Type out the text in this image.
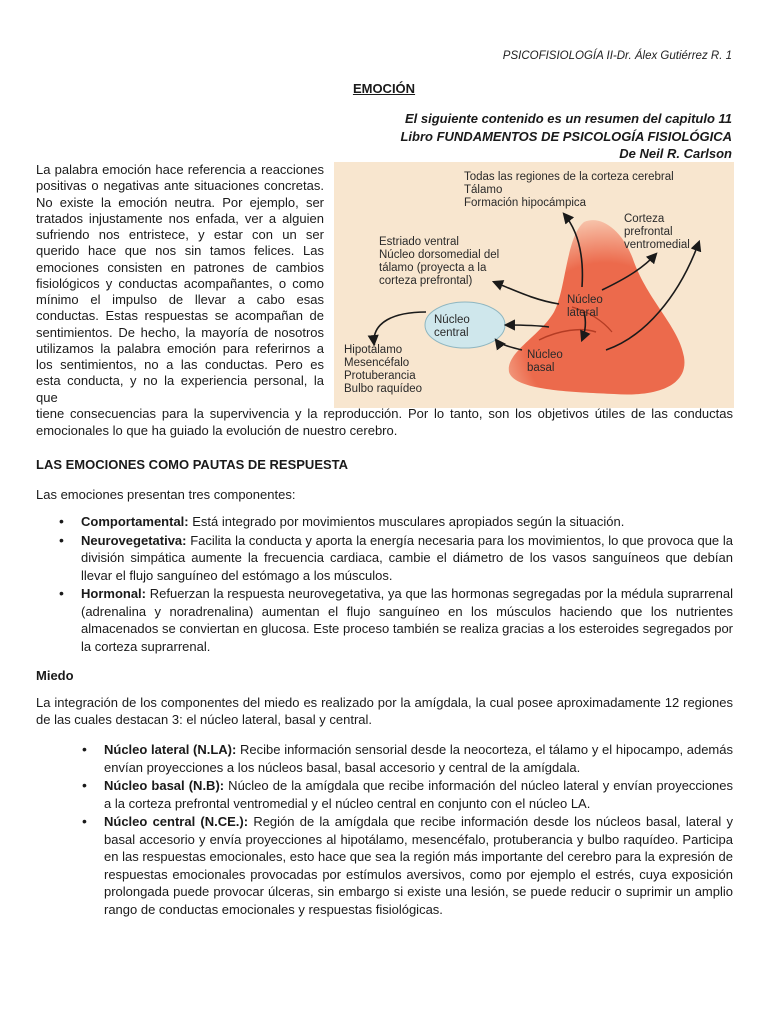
PSICOFISIOLOGÍA II-Dr. Álex Gutiérrez R. 1
EMOCIÓN
El siguiente contenido es un resumen del capitulo 11
Libro FUNDAMENTOS DE PSICOLOGÍA FISIOLÓGICA
De Neil R. Carlson
La palabra emoción hace referencia a reacciones positivas o negativas ante situaciones concretas. No existe la emoción neutra. Por ejemplo, ser tratados injustamente nos enfada, ver a alguien sufriendo nos entristece, y estar con un ser querido hace que nos sin tamos felices. Las emociones consisten en patrones de cambios fisiológicos y conductas acompañantes, o como mínimo el impulso de llevar a cabo esas conductas. Estas respuestas se acompañan de sentimientos. De hecho, la mayoría de nosotros utilizamos la palabra emoción para referirnos a los sentimientos, no a las conductas. Pero es esta conducta, y no la experiencia personal, la que
Todas las regiones de la corteza cerebral
Tálamo
Formación hipocámpica
Estriado ventral
Núcleo dorsomedial del
tálamo (proyecta a la
corteza prefrontal)
Corteza
prefrontal
ventromedial
Núcleo
central
Núcleo
lateral
Núcleo
basal
Hipotálamo
Mesencéfalo
Protuberancia
Bulbo raquídeo
tiene consecuencias para la supervivencia y la reproducción. Por lo tanto, son los objetivos útiles de las conductas emocionales lo que ha guiado la evolución de nuestro cerebro.
LAS EMOCIONES COMO PAUTAS DE RESPUESTA
Las emociones presentan tres componentes:
• Comportamental: Está integrado por movimientos musculares apropiados según la situación.
• Neurovegetativa: Facilita la conducta y aporta la energía necesaria para los movimientos, lo que provoca que la división simpática aumente la frecuencia cardiaca, cambie el diámetro de los vasos sanguíneos que debían llevar el flujo sanguíneo del estómago a los músculos.
• Hormonal: Refuerzan la respuesta neurovegetativa, ya que las hormonas segregadas por la médula suprarrenal (adrenalina y noradrenalina) aumentan el flujo sanguíneo en los músculos haciendo que los nutrientes almacenados se conviertan en glucosa. Este proceso también se realiza gracias a los esteroides segregados por la corteza suprarrenal.
Miedo
La integración de los componentes del miedo es realizado por la amígdala, la cual posee aproximadamente 12 regiones de las cuales destacan 3: el núcleo lateral, basal y central.
• Núcleo lateral (N.LA): Recibe información sensorial desde la neocorteza, el tálamo y el hipocampo, además envían proyecciones a los núcleos basal, basal accesorio y central de la amígdala.
• Núcleo basal (N.B): Núcleo de la amígdala que recibe información del núcleo lateral y envían proyecciones a la corteza prefrontal ventromedial y el núcleo central en conjunto con el núcleo LA.
• Núcleo central (N.CE.): Región de la amígdala que recibe información desde los núcleos basal, lateral y basal accesorio y envía proyecciones al hipotálamo, mesencéfalo, protuberancia y bulbo raquídeo. Participa en las respuestas emocionales, esto hace que sea la región más importante del cerebro para la expresión de respuestas emocionales provocadas por estímulos aversivos, como por ejemplo el estrés, cuya exposición prolongada puede provocar úlceras, sin embargo si existe una lesión, se puede reducir o suprimir un amplio rango de conductas emocionales y respuestas fisiológicas.
